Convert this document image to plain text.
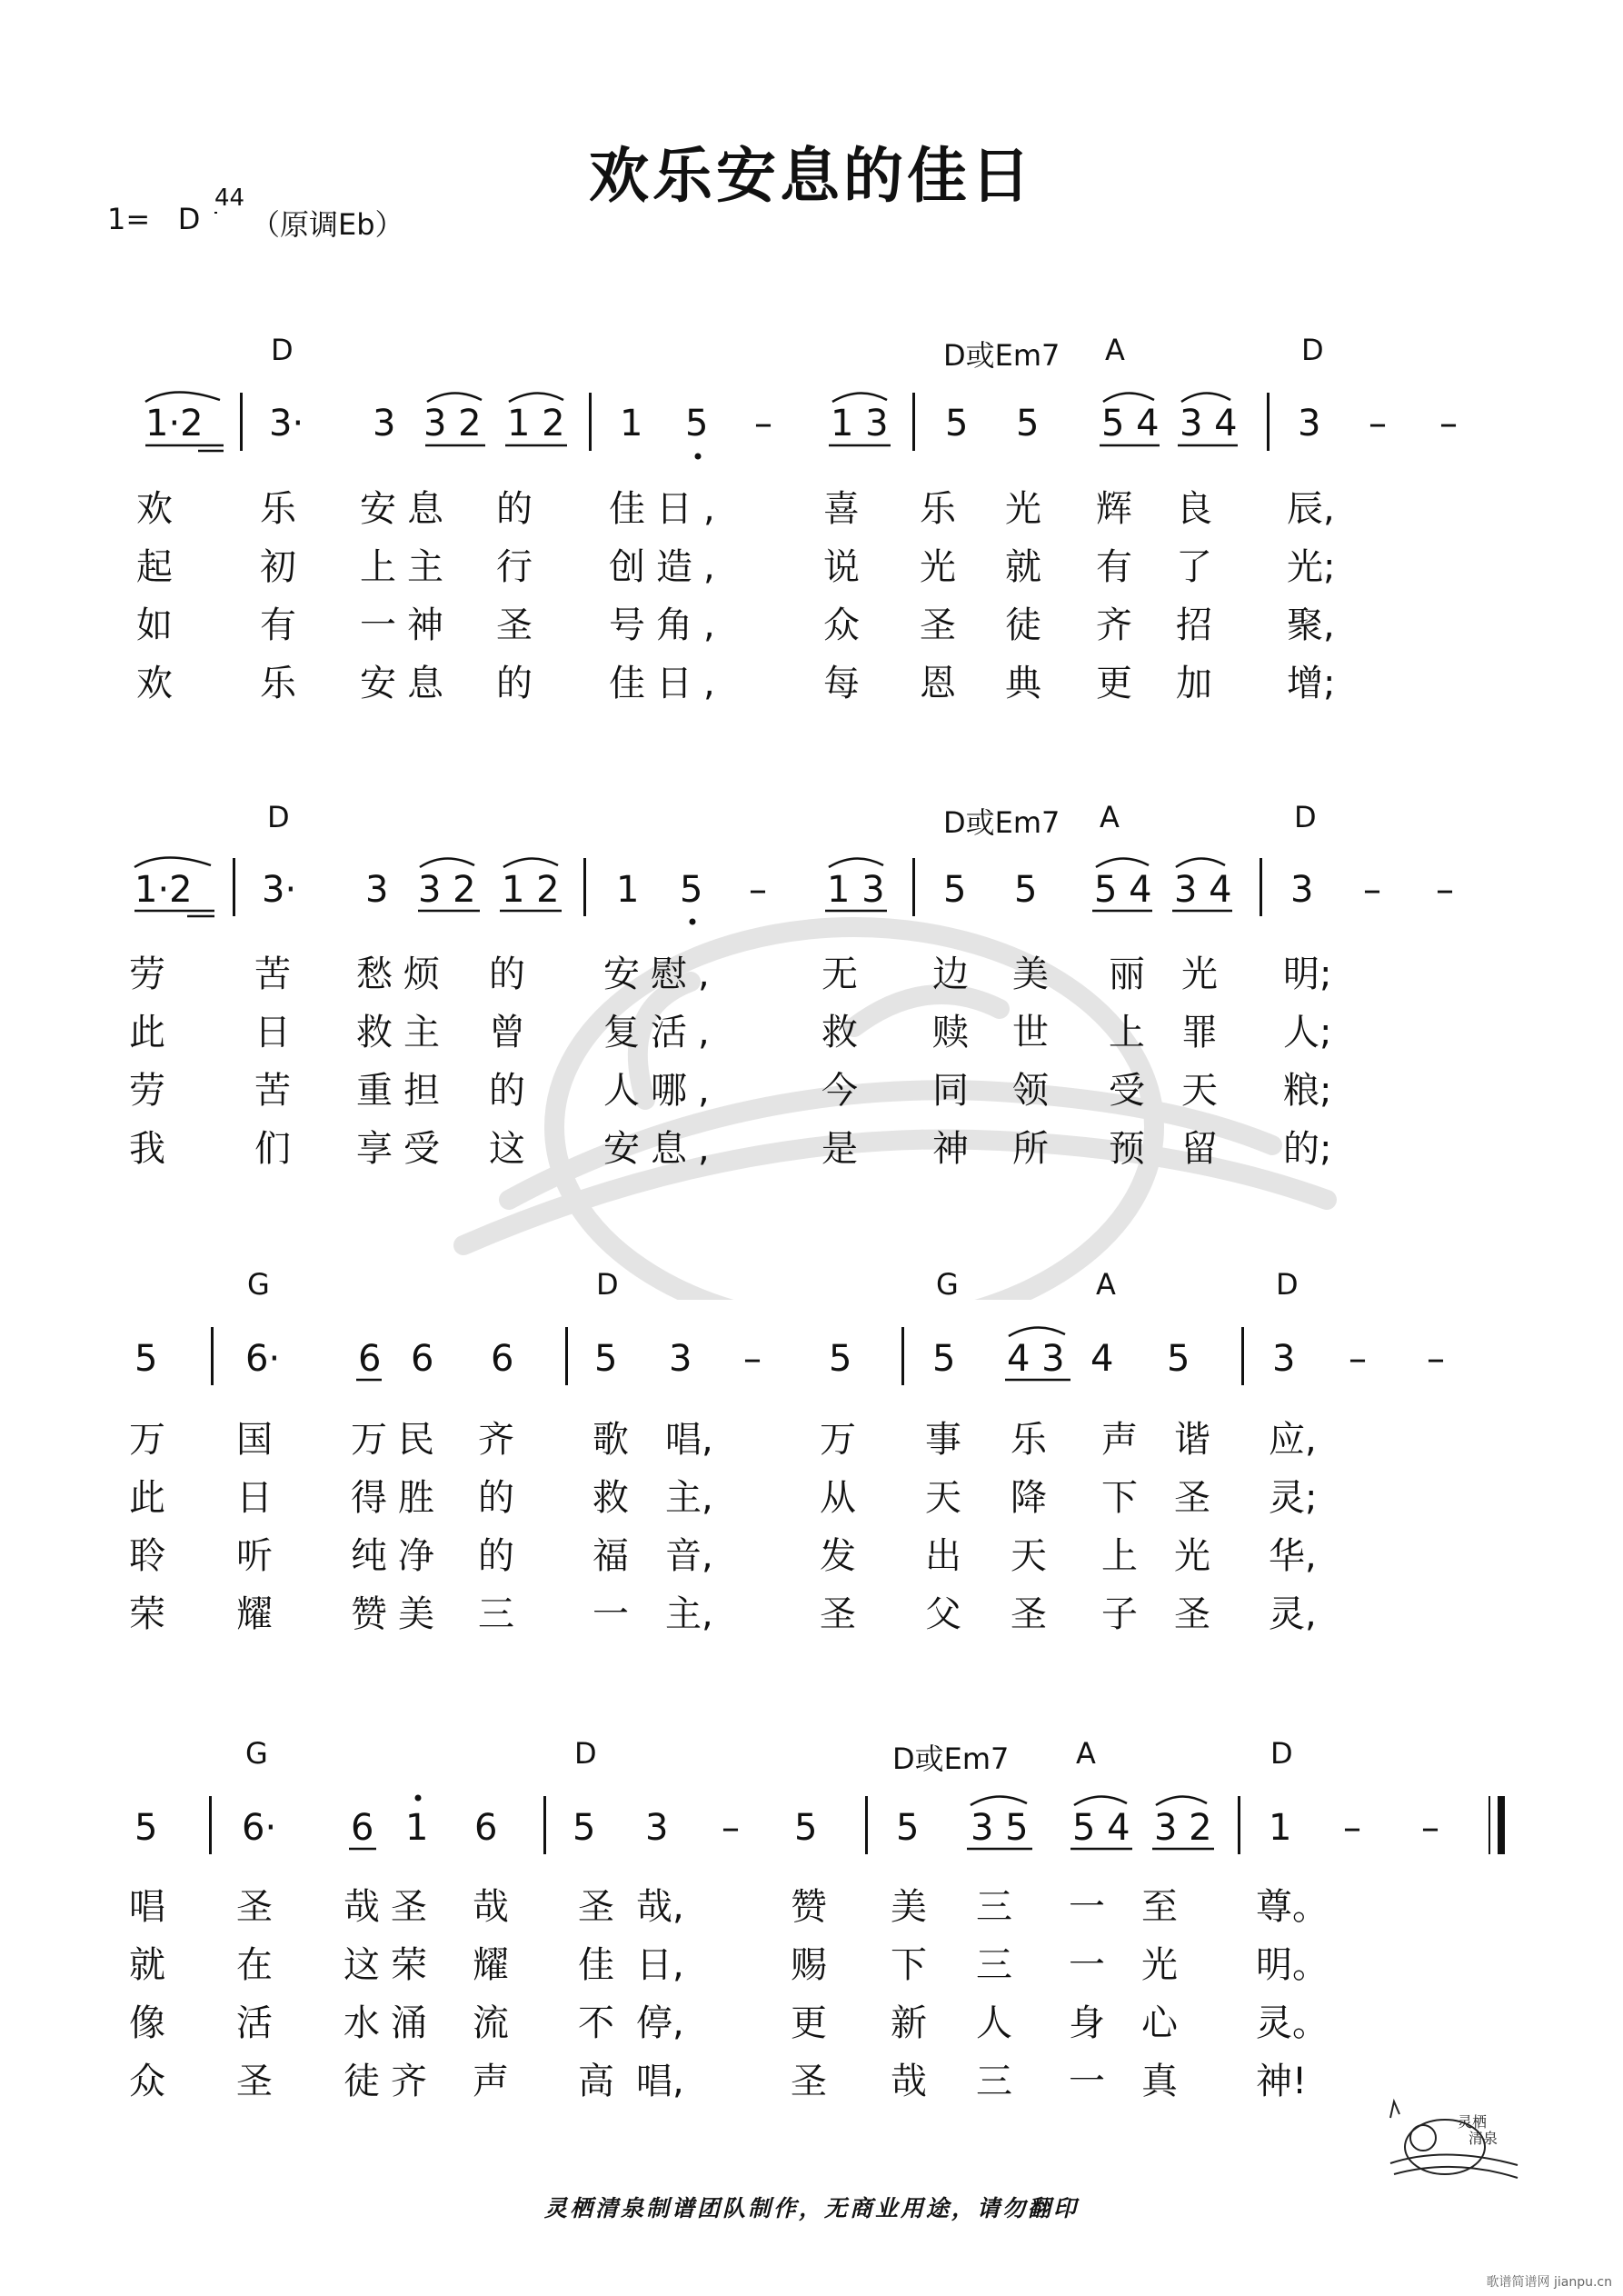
欢乐安息的佳日
1= D
4
4
（原调Eb）
D	D或Em7 A	D
1·2 3· 3 3 2 1 2 1 5 – 1 3 5 5 5 4 3 4 3 – –
欢 乐 安息 的 佳日,	喜 乐 光 辉 良 辰,
起 初 上主 行 创造,	说 光 就 有 了 光;
如 有 一神 圣 号角,	众 圣 徒 齐 招 聚,
欢 乐 安息 的 佳日,	每 恩 典 更 加 增;
D	D或Em7 A	D
1·2 3· 3 3 2 1 2 1 5 – 1 3 5 5 5 4 3 4 3 – –
劳 苦 愁烦 的 安慰,	无 边 美 丽 光 明;
此 日 救主 曾 复活,	救 赎 世 上 罪 人;
劳 苦 重担 的 人哪,	今 同 领 受 天 粮;
我 们 享受 这 安息,	是 神 所 预 留 的;
G	D	G	A	D
5 6· 6 6 6 5 3 – 5 5 4 3 4 5 3 – –
万 国 万民 齐 歌 唱,	万 事 乐 声 谐 应,
此 日 得胜 的 救 主,	从 天 降 下 圣 灵;
聆 听 纯净 的 福 音,	发 出 天 上 光 华,
荣 耀 赞美 三 一 主,	圣 父 圣 子 圣 灵,
G	D	D或Em7 A	D
5 6· 6 1 6 5 3 – 5 5 3 5 5 4 3 2 1 – –
唱 圣 哉圣 哉 圣 哉,	赞 美 三 一 至 尊。
就 在 这荣 耀 佳 日,	赐 下 三 一 光 明。
像 活 水涌 流 不 停,	更 新 人 身 心 灵。
众 圣 徒齐 声 高 唱,	圣 哉 三 一 真 神!
灵栖
清泉
灵栖清泉制谱团队制作，无商业用途，请勿翻印
歌谱简谱网 jianpu.cn
